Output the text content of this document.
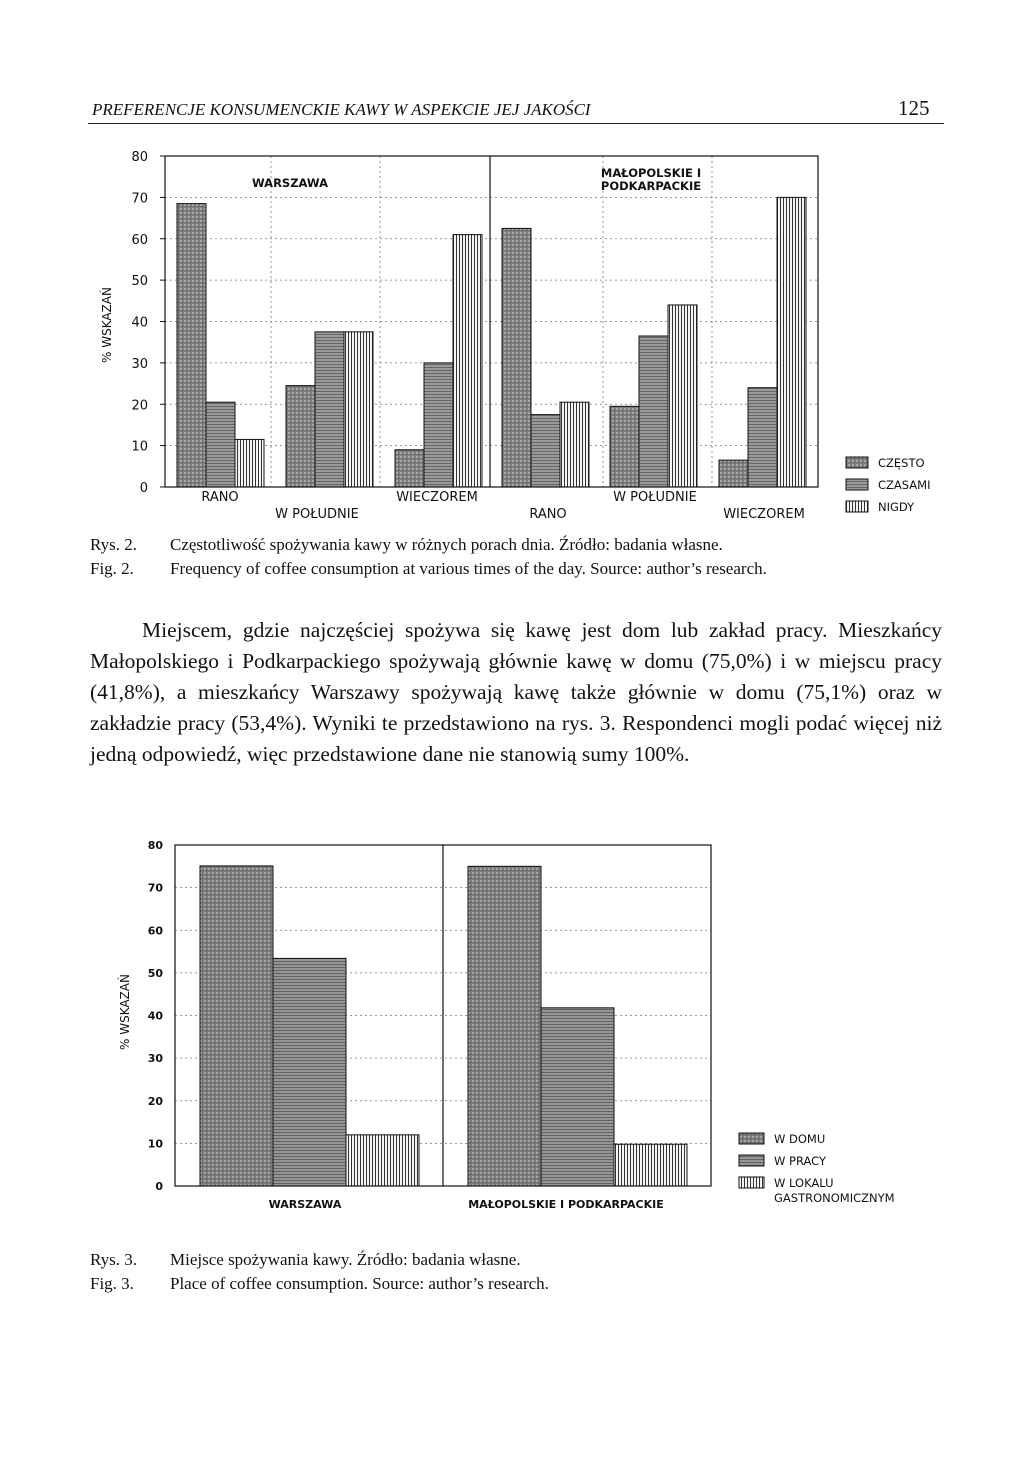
PREFERENCJE KONSUMENCKIE KAWY W ASPEKCIE JEJ JAKOŚCI	125
0
10
20
30
40
50
60
70
80
% WSKAZAŃ
WARSZAWA
MAŁOPOLSKIE I PODKARPACKIE
RANO
W POŁUDNIE
WIECZOREM
RANO
W POŁUDNIE
WIECZOREM
CZĘSTO
CZASAMI
NIGDY
Rys. 2. Częstotliwość spożywania kawy w różnych porach dnia. Źródło: badania własne.
Fig. 2. Frequency of coffee consumption at various times of the day. Source: author’s research.

Miejscem, gdzie najczęściej spożywa się kawę jest dom lub zakład pracy. Mieszkańcy Małopolskiego i Podkarpackiego spożywają głównie kawę w domu (75,0%) i w miejscu pracy (41,8%), a mieszkańcy Warszawy spożywają kawę także głównie w domu (75,1%) oraz w zakładzie pracy (53,4%). Wyniki te przedstawiono na rys. 3. Respondenci mogli podać więcej niż jedną odpowiedź, więc przedstawione dane nie stanowią sumy 100%.

0
10
20
30
40
50
60
70
80
% WSKAZAŃ
WARSZAWA	MAŁOPOLSKIE I PODKARPACKIE
W DOMU
W PRACY
W LOKALU GASTRONOMICZNYM
Rys. 3. Miejsce spożywania kawy. Źródło: badania własne.
Fig. 3. Place of coffee consumption. Source: author’s research.
